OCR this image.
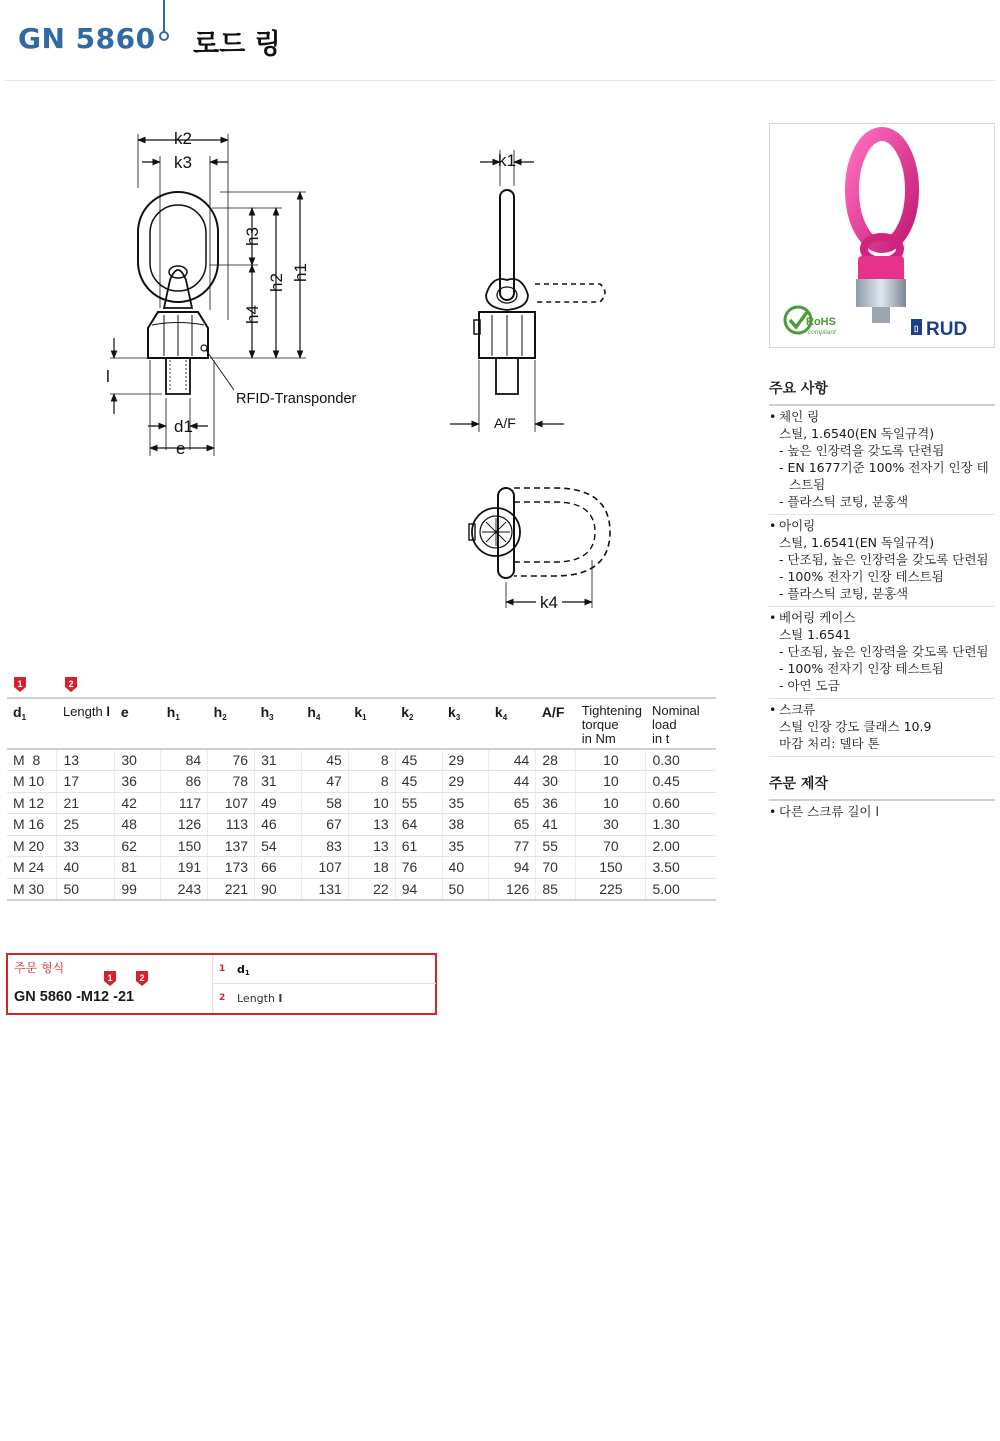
GN 5860 로드 링
k2
k3
h1
h2
h3
h4
l
d1
e
RFID-Transponder
k1
A/F
k4
RoHS
compliant	▯ RUD
주요 사항
• 체인 링
스틸, 1.6540(EN 독일규격)
- 높은 인장력을 갖도록 단련됨
- EN 1677기준 100% 전자기 인장 테스트됨
- 플라스틱 코팅, 분홍색
• 아이링
스틸, 1.6541(EN 독일규격)
- 단조됨, 높은 인장력을 갖도록 단련됨
- 100% 전자기 인장 테스트됨
- 플라스틱 코팅, 분홍색
• 베어링 케이스
스틸 1.6541
- 단조됨, 높은 인장력을 갖도록 단련됨
- 100% 전자기 인장 테스트됨
- 아연 도금
• 스크류
스틸 인장 강도 클래스 10.9
마감 처리: 델타 톤
주문 제작
• 다른 스크류 길이 l
1	2
$d_1$	Length l	e	$h_1$	$h_2$	$h_3$	$h_4$	$k_1$	$k_2$	$k_3$	$k_4$	A/F	Tightening
torque
in Nm	Nominal
load
in t
M  8	13	30	84	76	31	45	8	45	29	44	28	10	0.30
M 10	17	36	86	78	31	47	8	45	29	44	30	10	0.45
M 12	21	42	117	107	49	58	10	55	35	65	36	10	0.60
M 16	25	48	126	113	46	67	13	64	38	65	41	30	1.30
M 20	33	62	150	137	54	83	13	61	35	77	55	70	2.00
M 24	40	81	191	173	66	107	18	76	40	94	70	150	3.50
M 30	50	99	243	221	90	131	22	94	50	126	85	225	5.00
주문 형식
1	2
GN 5860 -M12 -21
1 $d_1$
2 Length l
